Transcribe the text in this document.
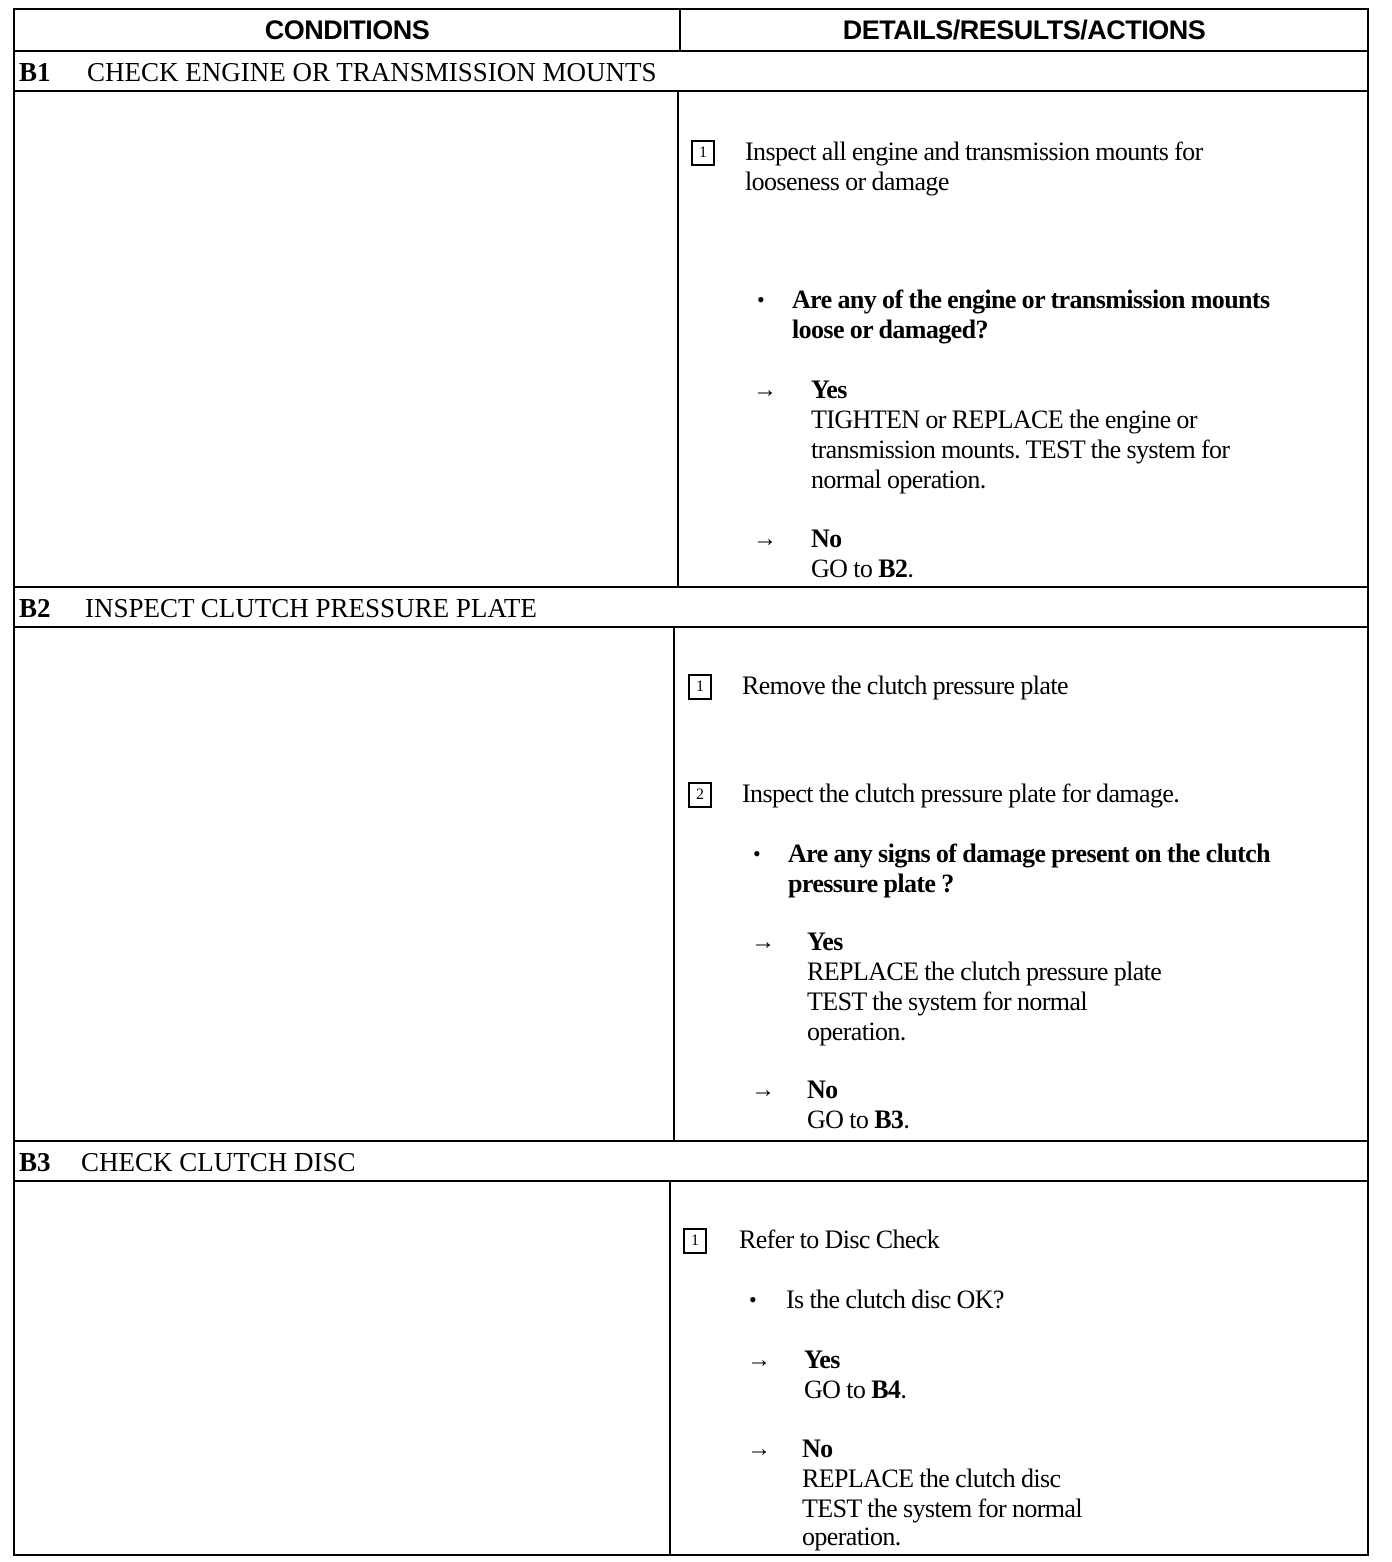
CONDITIONS	DETAILS/RESULTS/ACTIONS
B1 CHECK ENGINE OR TRANSMISSION MOUNTS
1	Inspect all engine and transmission mounts for
looseness or damage
• Are any of the engine or transmission mounts
loose or damaged?
→ Yes
TIGHTEN or REPLACE the engine or
transmission mounts. TEST the system for
normal operation.
→ No
GO to B2.
B2 INSPECT CLUTCH PRESSURE PLATE
1	Remove the clutch pressure plate
2	Inspect the clutch pressure plate for damage.
• Are any signs of damage present on the clutch
pressure plate ?
→ Yes
REPLACE the clutch pressure plate
TEST the system for normal
operation.
→ No
GO to B3.
B3 CHECK CLUTCH DISC
1	Refer to Disc Check
• Is the clutch disc OK?
→ Yes
GO to B4.
→ No
REPLACE the clutch disc
TEST the system for normal
operation.
